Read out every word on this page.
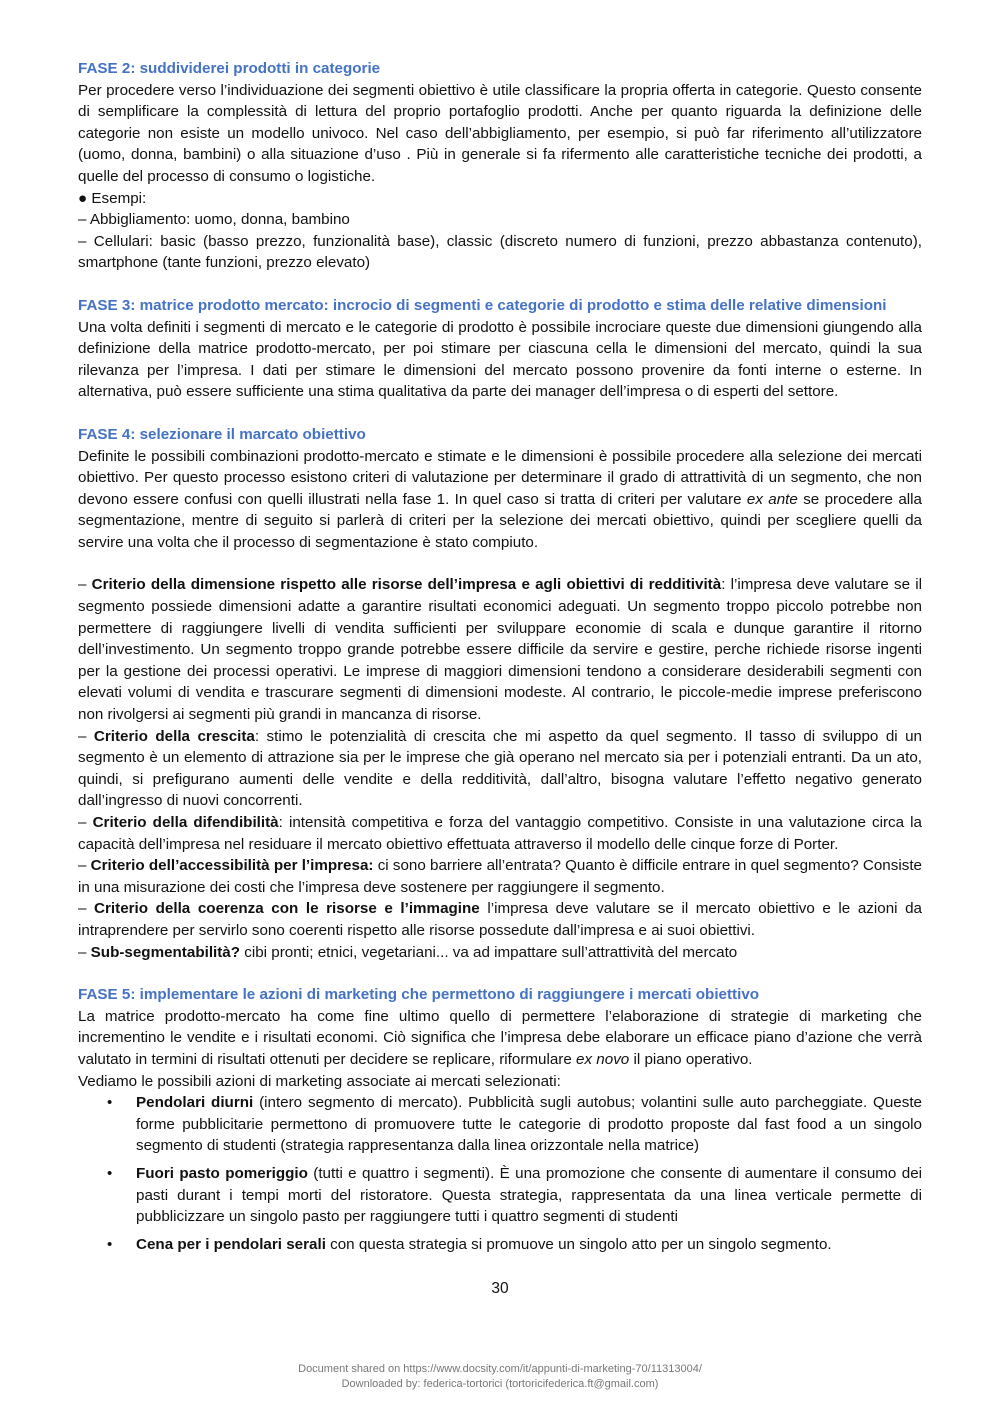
FASE 2: suddividerei prodotti in categorie
Per procedere verso l’individuazione dei segmenti obiettivo è utile classificare la propria offerta in categorie. Questo consente di semplificare la complessità di lettura del proprio portafoglio prodotti. Anche per quanto riguarda la definizione delle categorie non esiste un modello univoco. Nel caso dell’abbigliamento, per esempio, si può far riferimento all’utilizzatore (uomo, donna, bambini) o alla situazione d’uso . Più in generale si fa rifermento alle caratteristiche tecniche dei prodotti, a quelle del processo di consumo o logistiche.
● Esempi:
– Abbigliamento: uomo, donna, bambino
– Cellulari: basic (basso prezzo, funzionalità base), classic (discreto numero di funzioni, prezzo abbastanza contenuto), smartphone (tante funzioni, prezzo elevato)
FASE 3: matrice prodotto mercato: incrocio di segmenti e categorie di prodotto e stima delle relative dimensioni
Una volta definiti i segmenti di mercato e le categorie di prodotto è possibile incrociare queste due dimensioni giungendo alla definizione della matrice prodotto-mercato, per poi stimare per ciascuna cella le dimensioni del mercato, quindi la sua rilevanza per l’impresa. I dati per stimare le dimensioni del mercato possono provenire da fonti interne o esterne. In alternativa, può essere sufficiente una stima qualitativa da parte dei manager dell’impresa o di esperti del settore.
FASE 4: selezionare il marcato obiettivo
Definite le possibili combinazioni prodotto-mercato e stimate e le dimensioni è possibile procedere alla selezione dei mercati obiettivo. Per questo processo esistono criteri di valutazione per determinare il grado di attrattività di un segmento, che non devono essere confusi con quelli illustrati nella fase 1. In quel caso si tratta di criteri per valutare ex ante se procedere alla segmentazione, mentre di seguito si parlerà di criteri per la selezione dei mercati obiettivo, quindi per scegliere quelli da servire una volta che il processo di segmentazione è stato compiuto.
– Criterio della dimensione rispetto alle risorse dell’impresa e agli obiettivi di redditività: l’impresa deve valutare se il segmento possiede dimensioni adatte a garantire risultati economici adeguati. Un segmento troppo piccolo potrebbe non permettere di raggiungere livelli di vendita sufficienti per sviluppare economie di scala e dunque garantire il ritorno dell’investimento. Un segmento troppo grande potrebbe essere difficile da servire e gestire, perche richiede risorse ingenti per la gestione dei processi operativi. Le imprese di maggiori dimensioni tendono a considerare desiderabili segmenti con elevati volumi di vendita e trascurare segmenti di dimensioni modeste. Al contrario, le piccole-medie imprese preferiscono non rivolgersi ai segmenti più grandi in mancanza di risorse.
– Criterio della crescita: stimo le potenzialità di crescita che mi aspetto da quel segmento. Il tasso di sviluppo di un segmento è un elemento di attrazione sia per le imprese che già operano nel mercato sia per i potenziali entranti. Da un ato, quindi, si prefigurano aumenti delle vendite e della redditività, dall’altro, bisogna valutare l’effetto negativo generato dall’ingresso di nuovi concorrenti.
– Criterio della difendibilità: intensità competitiva e forza del vantaggio competitivo. Consiste in una valutazione circa la capacità dell’impresa nel residuare il mercato obiettivo effettuata attraverso il modello delle cinque forze di Porter.
– Criterio dell’accessibilità per l’impresa: ci sono barriere all’entrata? Quanto è difficile entrare in quel segmento? Consiste in una misurazione dei costi che l’impresa deve sostenere per raggiungere il segmento.
– Criterio della coerenza con le risorse e l’immagine l’impresa deve valutare se il mercato obiettivo e le azioni da intraprendere per servirlo sono coerenti rispetto alle risorse possedute dall’impresa e ai suoi obiettivi.
– Sub-segmentabilità? cibi pronti; etnici, vegetariani... va ad impattare sull’attrattività del mercato
FASE 5: implementare le azioni di marketing che permettono di raggiungere i mercati obiettivo
La matrice prodotto-mercato ha come fine ultimo quello di permettere l’elaborazione di strategie di marketing che incrementino le vendite e i risultati economi. Ciò significa che l’impresa debe elaborare un efficace piano d’azione che verrà valutato in termini di risultati ottenuti per decidere se replicare, riformulare ex novo il piano operativo.
Vediamo le possibili azioni di marketing associate ai mercati selezionati:
• Pendolari diurni (intero segmento di mercato). Pubblicità sugli autobus; volantini sulle auto parcheggiate. Queste forme pubblicitarie permettono di promuovere tutte le categorie di prodotto proposte dal fast food a un singolo segmento di studenti (strategia rappresentanza dalla linea orizzontale nella matrice)
• Fuori pasto pomeriggio (tutti e quattro i segmenti). È una promozione che consente di aumentare il consumo dei pasti durant i tempi morti del ristoratore. Questa strategia, rappresentata da una linea verticale permette di pubblicizzare un singolo pasto per raggiungere tutti i quattro segmenti di studenti
• Cena per i pendolari serali con questa strategia si promuove un singolo atto per un singolo segmento.
30
Document shared on https://www.docsity.com/it/appunti-di-marketing-70/11313004/
Downloaded by: federica-tortorici (tortoricifederica.ft@gmail.com)
